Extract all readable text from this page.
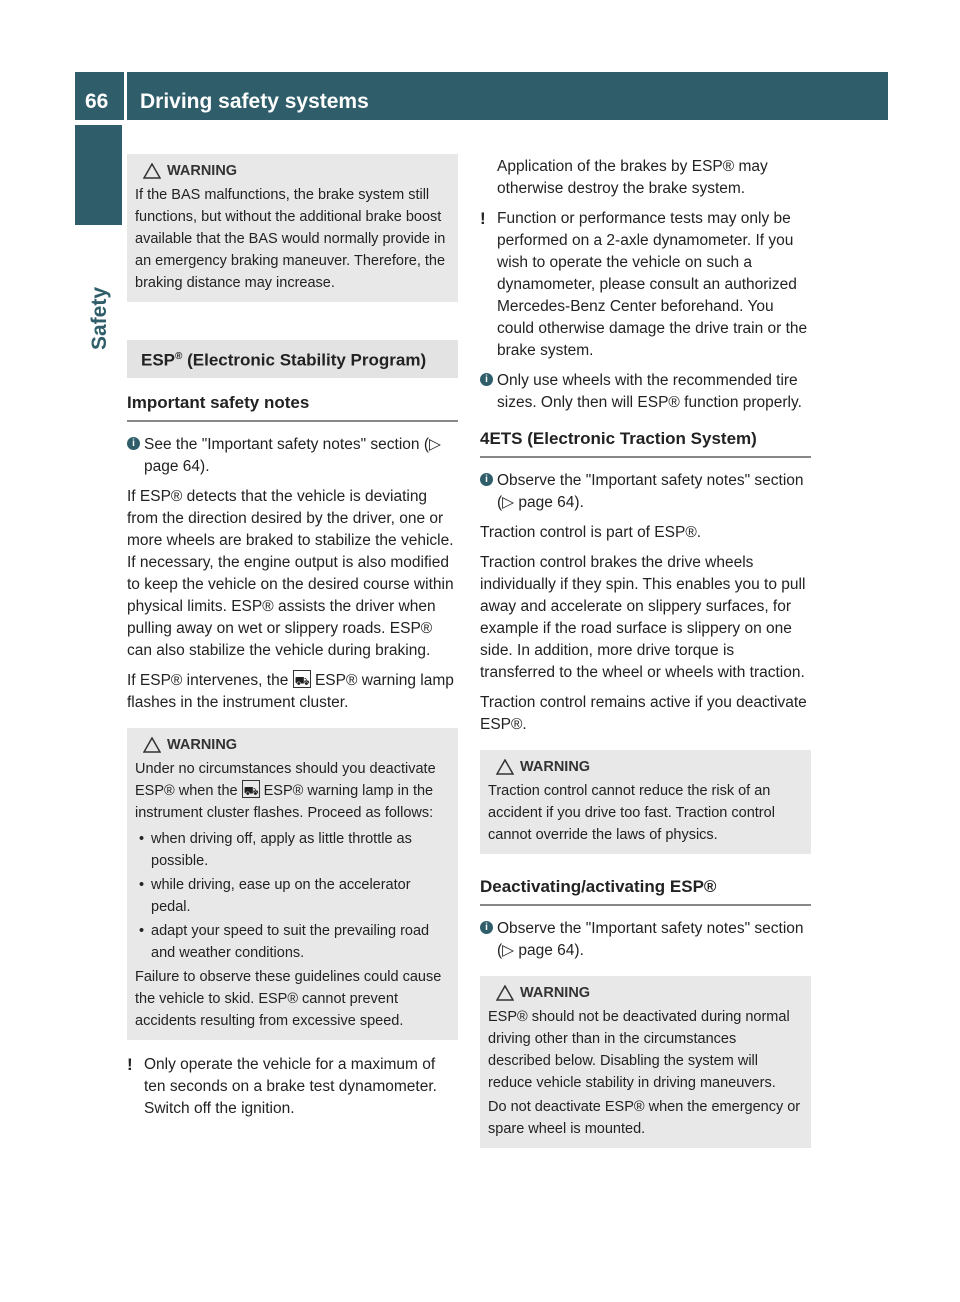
66 Driving safety systems
Safety
WARNING

If the BAS malfunctions, the brake system still functions, but without the additional brake boost available that the BAS would normally provide in an emergency braking maneuver. Therefore, the braking distance may increase.

ESP® (Electronic Stability Program)
Important safety notes

i See the "Important safety notes" section (▷ page 64).

If ESP® detects that the vehicle is deviating from the direction desired by the driver, one or more wheels are braked to stabilize the vehicle. If necessary, the engine output is also modified to keep the vehicle on the desired course within physical limits. ESP® assists the driver when pulling away on wet or slippery roads. ESP® can also stabilize the vehicle during braking.

If ESP® intervenes, the ⛟ ESP® warning lamp flashes in the instrument cluster.

WARNING

Under no circumstances should you deactivate ESP® when the ⛟ ESP® warning lamp in the instrument cluster flashes. Proceed as follows:

• when driving off, apply as little throttle as possible.
• while driving, ease up on the accelerator pedal.
• adapt your speed to suit the prevailing road and weather conditions.

Failure to observe these guidelines could cause the vehicle to skid. ESP® cannot prevent accidents resulting from excessive speed.

! Only operate the vehicle for a maximum of ten seconds on a brake test dynamometer. Switch off the ignition.

Application of the brakes by ESP® may otherwise destroy the brake system.

! Function or performance tests may only be performed on a 2-axle dynamometer. If you wish to operate the vehicle on such a dynamometer, please consult an authorized Mercedes-Benz Center beforehand. You could otherwise damage the drive train or the brake system.

i Only use wheels with the recommended tire sizes. Only then will ESP® function properly.

4ETS (Electronic Traction System)

i Observe the "Important safety notes" section (▷ page 64).

Traction control is part of ESP®.

Traction control brakes the drive wheels individually if they spin. This enables you to pull away and accelerate on slippery surfaces, for example if the road surface is slippery on one side. In addition, more drive torque is transferred to the wheel or wheels with traction.

Traction control remains active if you deactivate ESP®.

WARNING

Traction control cannot reduce the risk of an accident if you drive too fast. Traction control cannot override the laws of physics.

Deactivating/activating ESP®

i Observe the "Important safety notes" section (▷ page 64).

WARNING

ESP® should not be deactivated during normal driving other than in the circumstances described below. Disabling the system will reduce vehicle stability in driving maneuvers.

Do not deactivate ESP® when the emergency or spare wheel is mounted.
